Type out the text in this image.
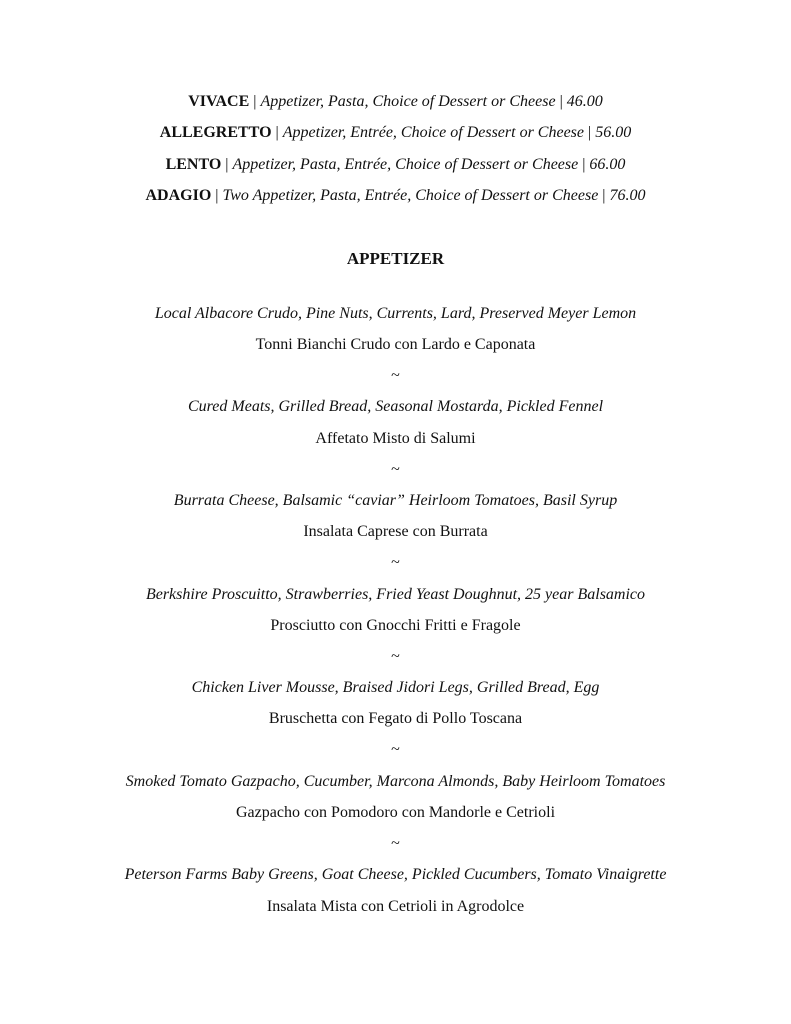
VIVACE | Appetizer, Pasta, Choice of Dessert or Cheese | 46.00
ALLEGRETTO | Appetizer, Entrée, Choice of Dessert or Cheese | 56.00
LENTO | Appetizer, Pasta, Entrée, Choice of Dessert or Cheese | 66.00
ADAGIO | Two Appetizer, Pasta, Entrée, Choice of Dessert or Cheese | 76.00
APPETIZER
Local Albacore Crudo, Pine Nuts, Currents, Lard, Preserved Meyer Lemon
Tonni Bianchi Crudo con Lardo e Caponata
~
Cured Meats, Grilled Bread, Seasonal Mostarda, Pickled Fennel
Affetato Misto di Salumi
~
Burrata Cheese, Balsamic “caviar” Heirloom Tomatoes, Basil Syrup
Insalata Caprese con Burrata
~
Berkshire Proscuitto, Strawberries, Fried Yeast Doughnut, 25 year Balsamico
Prosciutto con Gnocchi Fritti e Fragole
~
Chicken Liver Mousse, Braised Jidori Legs, Grilled Bread, Egg
Bruschetta con Fegato di Pollo Toscana
~
Smoked Tomato Gazpacho, Cucumber, Marcona Almonds, Baby Heirloom Tomatoes
Gazpacho con Pomodoro con Mandorle e Cetrioli
~
Peterson Farms Baby Greens, Goat Cheese, Pickled Cucumbers, Tomato Vinaigrette
Insalata Mista con Cetrioli in Agrodolce
